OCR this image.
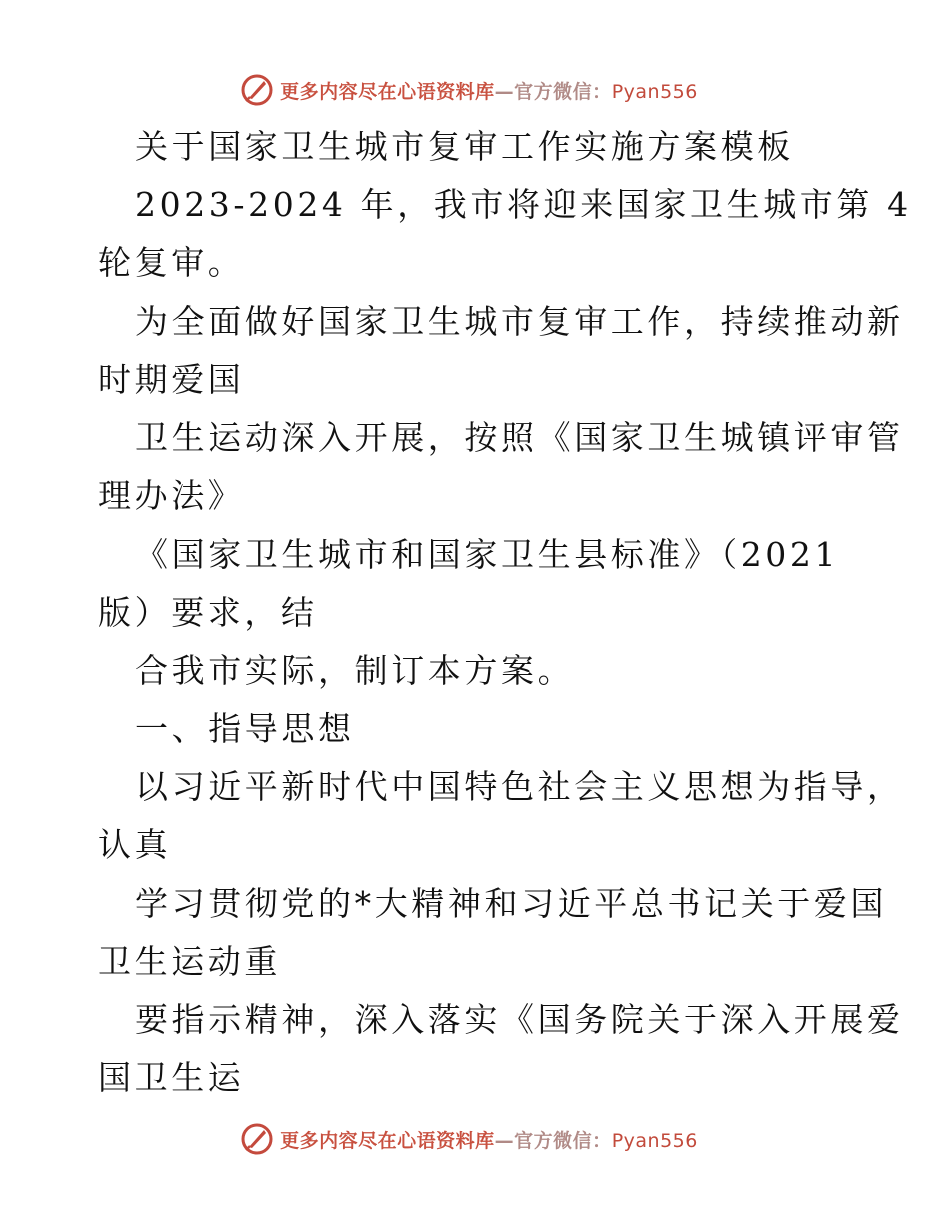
更多内容尽在心语资料库—官方微信：Pyan556
关于国家卫生城市复审工作实施方案模板
2023-2024 年，我市将迎来国家卫生城市第 4
轮复审。
为全面做好国家卫生城市复审工作，持续推动新
时期爱国
卫生运动深入开展，按照《国家卫生城镇评审管
理办法》
《国家卫生城市和国家卫生县标准》（2021
版）要求，结
合我市实际，制订本方案。
一、指导思想
以习近平新时代中国特色社会主义思想为指导，
认真
学习贯彻党的*大精神和习近平总书记关于爱国
卫生运动重
要指示精神，深入落实《国务院关于深入开展爱
国卫生运
更多内容尽在心语资料库—官方微信：Pyan556
